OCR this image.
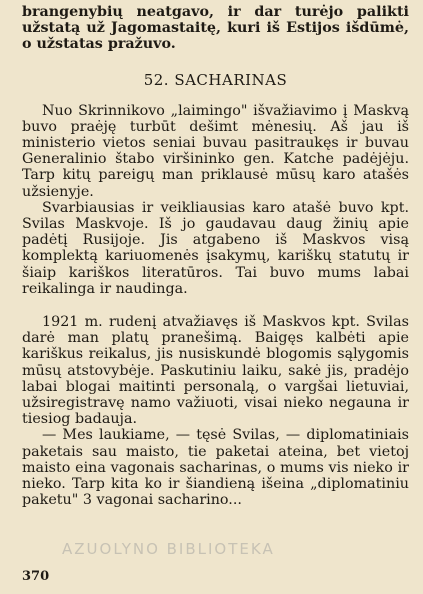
brangenybių neatgavo, ir dar turėjo palikti užstatą už Jagomastaitę, kuri iš Estijos išdūmė, o užstatas pražuvo.

52. SACHARINAS

Nuo Skrinnikovo „laimingo" išvažiavimo į Maskvą buvo praėję turbūt dešimt mėnesių. Aš jau iš ministerio vietos seniai buvau pasitraukęs ir buvau Generalinio štabo viršininko gen. Katche padėjėju. Tarp kitų pareigų man priklausė mūsų karo atašės užsienyje.

Svarbiausias ir veikliausias karo atašė buvo kpt. Svilas Maskvoje. Iš jo gaudavau daug žinių apie padėtį Rusijoje. Jis atgabeno iš Maskvos visą komplektą kariuomenės įsakymų, kariškų statutų ir šiaip kariškos literatūros. Tai buvo mums labai reikalinga ir naudinga.

1921 m. rudenį atvažiavęs iš Maskvos kpt. Svilas darė man platų pranešimą. Baigęs kalbėti apie kariškus reikalus, jis nusiskundė blogomis sąlygomis mūsų atstovybėje. Paskutiniu laiku, sakė jis, pradėjo labai blogai maitinti personalą, o vargšai lietuviai, užsiregistravę namo važiuoti, visai nieko negauna ir tiesiog badauja.

— Mes laukiame, — tęsė Svilas, — diplomatiniais paketais sau maisto, tie paketai ateina, bet vietoj maisto eina vagonais sacharinas, o mums vis nieko ir nieko. Tarp kita ko ir šiandieną išeina „diplomatiniu paketu" 3 vagonai sacharino...

AZUOLYNO BIBLIOTEKA
370
